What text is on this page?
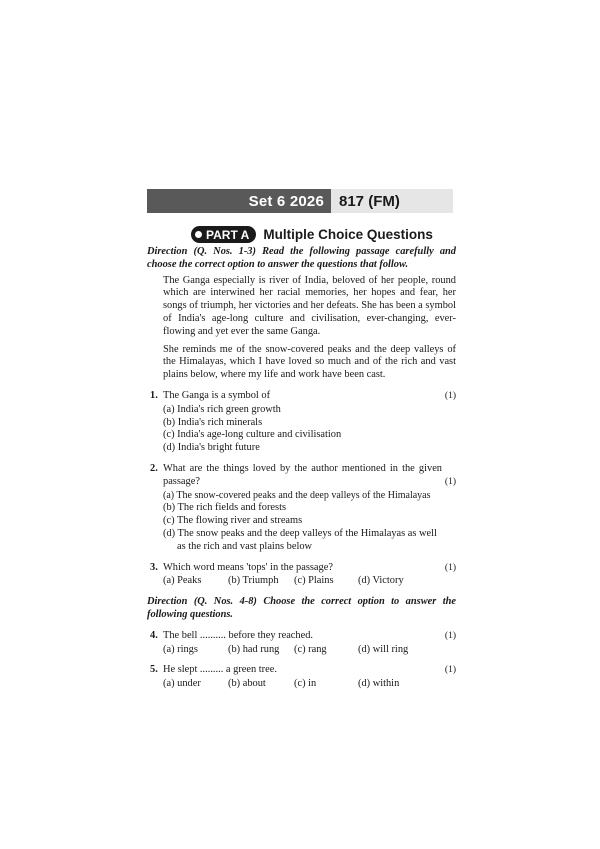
Set 6 2026	817 (FM)
PART A Multiple Choice Questions

Direction (Q. Nos. 1-3) Read the following passage carefully and choose the correct option to answer the questions that follow.

The Ganga especially is river of India, beloved of her people, round which are interwined her racial memories, her hopes and fear, her songs of triumph, her victories and her defeats. She has been a symbol of India's age-long culture and civilisation, ever-changing, ever-flowing and yet ever the same Ganga.

She reminds me of the snow-covered peaks and the deep valleys of the Himalayas, which I have loved so much and of the rich and vast plains below, where my life and work have been cast.

1. The Ganga is a symbol of	(1)
(a) India's rich green growth
(b) India's rich minerals
(c) India's age-long culture and civilisation
(d) India's bright future
2. What are the things loved by the author mentioned in the given passage?	(1)
(a) The snow-covered peaks and the deep valleys of the Himalayas
(b) The rich fields and forests
(c) The flowing river and streams
(d) The snow peaks and the deep valleys of the Himalayas as well as the rich and vast plains below
3. Which word means 'tops' in the passage?	(1)
(a) Peaks	(b) Triumph	(c) Plains	(d) Victory

Direction (Q. Nos. 4-8) Choose the correct option to answer the following questions.

4. The bell .......... before they reached.	(1)
(a) rings	(b) had rung	(c) rang	(d) will ring
5. He slept ......... a green tree.	(1)
(a) under	(b) about	(c) in	(d) within
